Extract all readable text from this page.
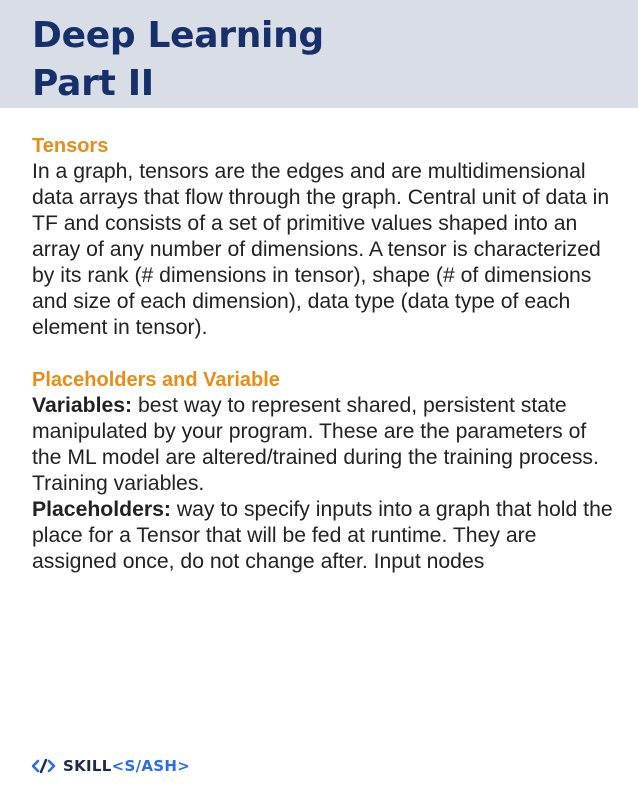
Deep Learning
Part II
Tensors

In a graph, tensors are the edges and are multidimensional data arrays that flow through the graph. Central unit of data in TF and consists of a set of primitive values shaped into an array of any number of dimensions. A tensor is characterized by its rank (# dimensions in tensor), shape (# of dimensions and size of each dimension), data type (data type of each element in tensor).

Placeholders and Variable

Variables: best way to represent shared, persistent state manipulated by your program. These are the parameters of the ML model are altered/trained during the training process. Training variables.

Placeholders: way to specify inputs into a graph that hold the place for a Tensor that will be fed at runtime. They are assigned once, do not change after. Input nodes

SKILL <S/ASH>
